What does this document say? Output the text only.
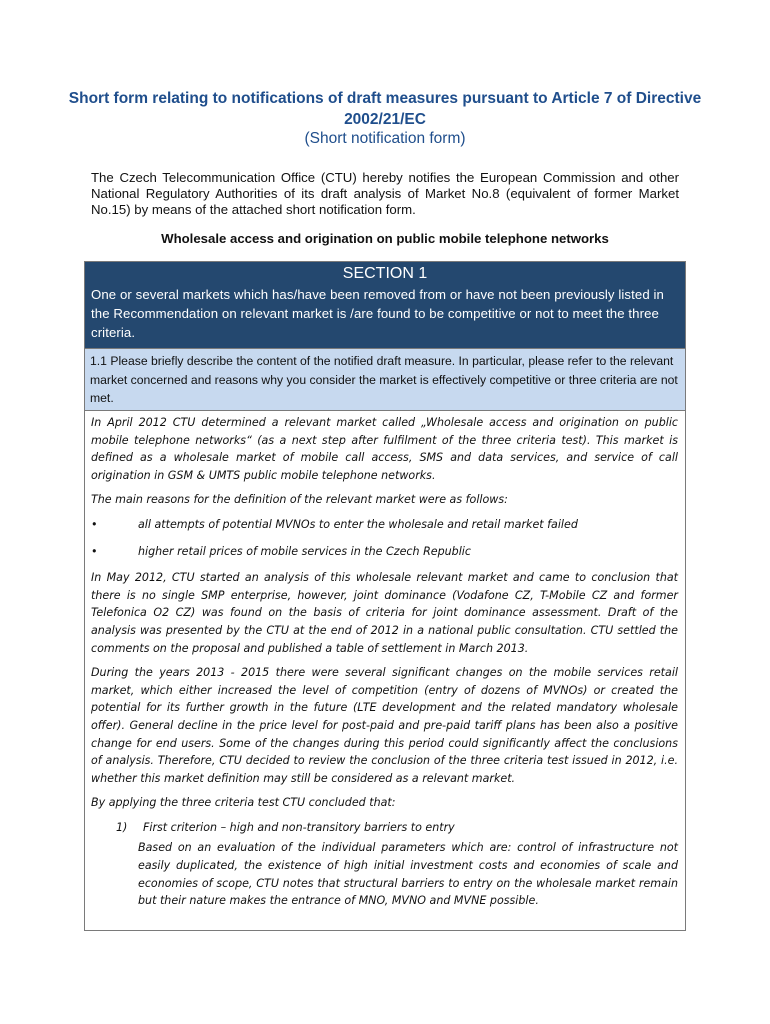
Short form relating to notifications of draft measures pursuant to Article 7 of Directive 2002/21/EC
(Short notification form)
The Czech Telecommunication Office (CTU) hereby notifies the European Commission and other National Regulatory Authorities of its draft analysis of Market No.8 (equivalent of former Market No.15) by means of the attached short notification form.
Wholesale access and origination on public mobile telephone networks
SECTION 1
One or several markets which has/have been removed from or have not been previously listed in the Recommendation on relevant market is /are found to be competitive or not to meet the three criteria.
1.1 Please briefly describe the content of the notified draft measure. In particular, please refer to the relevant market concerned and reasons why you consider the market is effectively competitive or three criteria are not met.

In April 2012 CTU determined a relevant market called „Wholesale access and origination on public mobile telephone networks“ (as a next step after fulfilment of the three criteria test). This market is defined as a wholesale market of mobile call access, SMS and data services, and service of call origination in GSM & UMTS public mobile telephone networks.

The main reasons for the definition of the relevant market were as follows:

•	all attempts of potential MVNOs to enter the wholesale and retail market failed
•	higher retail prices of mobile services in the Czech Republic

In May 2012, CTU started an analysis of this wholesale relevant market and came to conclusion that there is no single SMP enterprise, however, joint dominance (Vodafone CZ, T-Mobile CZ and former Telefonica O2 CZ) was found on the basis of criteria for joint dominance assessment. Draft of the analysis was presented by the CTU at the end of 2012 in a national public consultation. CTU settled the comments on the proposal and published a table of settlement in March 2013.

During the years 2013 - 2015 there were several significant changes on the mobile services retail market, which either increased the level of competition (entry of dozens of MVNOs) or created the potential for its further growth in the future (LTE development and the related mandatory wholesale offer). General decline in the price level for post-paid and pre-paid tariff plans has been also a positive change for end users. Some of the changes during this period could significantly affect the conclusions of analysis. Therefore, CTU decided to review the conclusion of the three criteria test issued in 2012, i.e. whether this market definition may still be considered as a relevant market.

By applying the three criteria test CTU concluded that:

1)	First criterion – high and non-transitory barriers to entry

Based on an evaluation of the individual parameters which are: control of infrastructure not easily duplicated, the existence of high initial investment costs and economies of scale and economies of scope, CTU notes that structural barriers to entry on the wholesale market remain but their nature makes the entrance of MNO, MVNO and MVNE possible.
